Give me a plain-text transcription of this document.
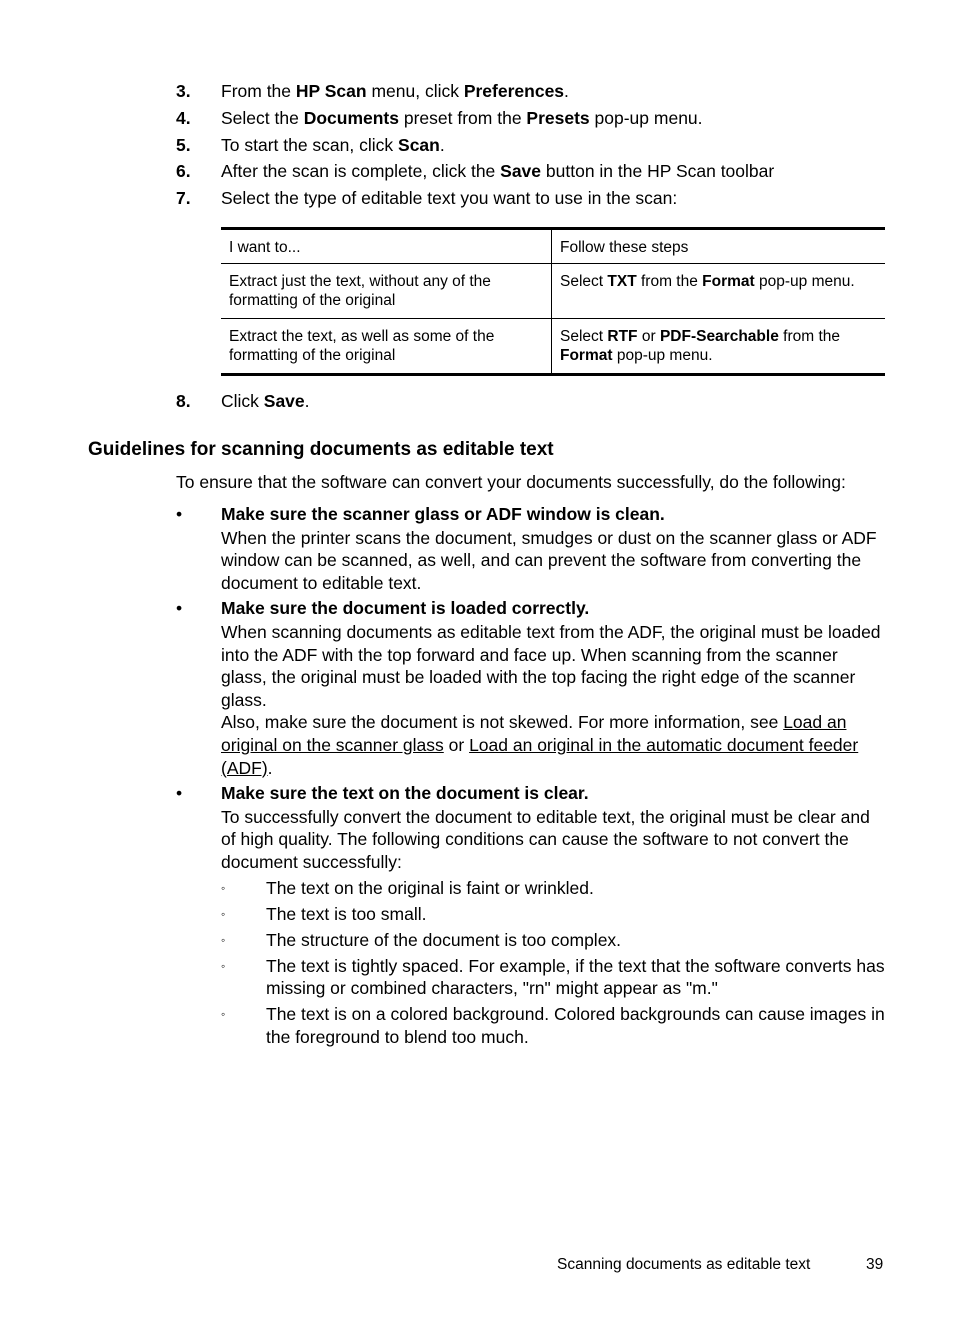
3. From the HP Scan menu, click Preferences.
4. Select the Documents preset from the Presets pop-up menu.
5. To start the scan, click Scan.
6. After the scan is complete, click the Save button in the HP Scan toolbar
7. Select the type of editable text you want to use in the scan:
I want to...	Follow these steps
Extract just the text, without any of the formatting of the original	Select TXT from the Format pop-up menu.
Extract the text, as well as some of the formatting of the original	Select RTF or PDF-Searchable from the Format pop-up menu.
8. Click Save.
Guidelines for scanning documents as editable text
To ensure that the software can convert your documents successfully, do the following:
• Make sure the scanner glass or ADF window is clean.
When the printer scans the document, smudges or dust on the scanner glass or ADF window can be scanned, as well, and can prevent the software from converting the document to editable text.
• Make sure the document is loaded correctly.
When scanning documents as editable text from the ADF, the original must be loaded into the ADF with the top forward and face up. When scanning from the scanner glass, the original must be loaded with the top facing the right edge of the scanner glass.
Also, make sure the document is not skewed. For more information, see Load an original on the scanner glass or Load an original in the automatic document feeder (ADF).
• Make sure the text on the document is clear.
To successfully convert the document to editable text, the original must be clear and of high quality. The following conditions can cause the software to not convert the document successfully:
◦ The text on the original is faint or wrinkled.
◦ The text is too small.
◦ The structure of the document is too complex.
◦ The text is tightly spaced. For example, if the text that the software converts has missing or combined characters, "rn" might appear as "m."
◦ The text is on a colored background. Colored backgrounds can cause images in the foreground to blend too much.
Scanning documents as editable text	39
